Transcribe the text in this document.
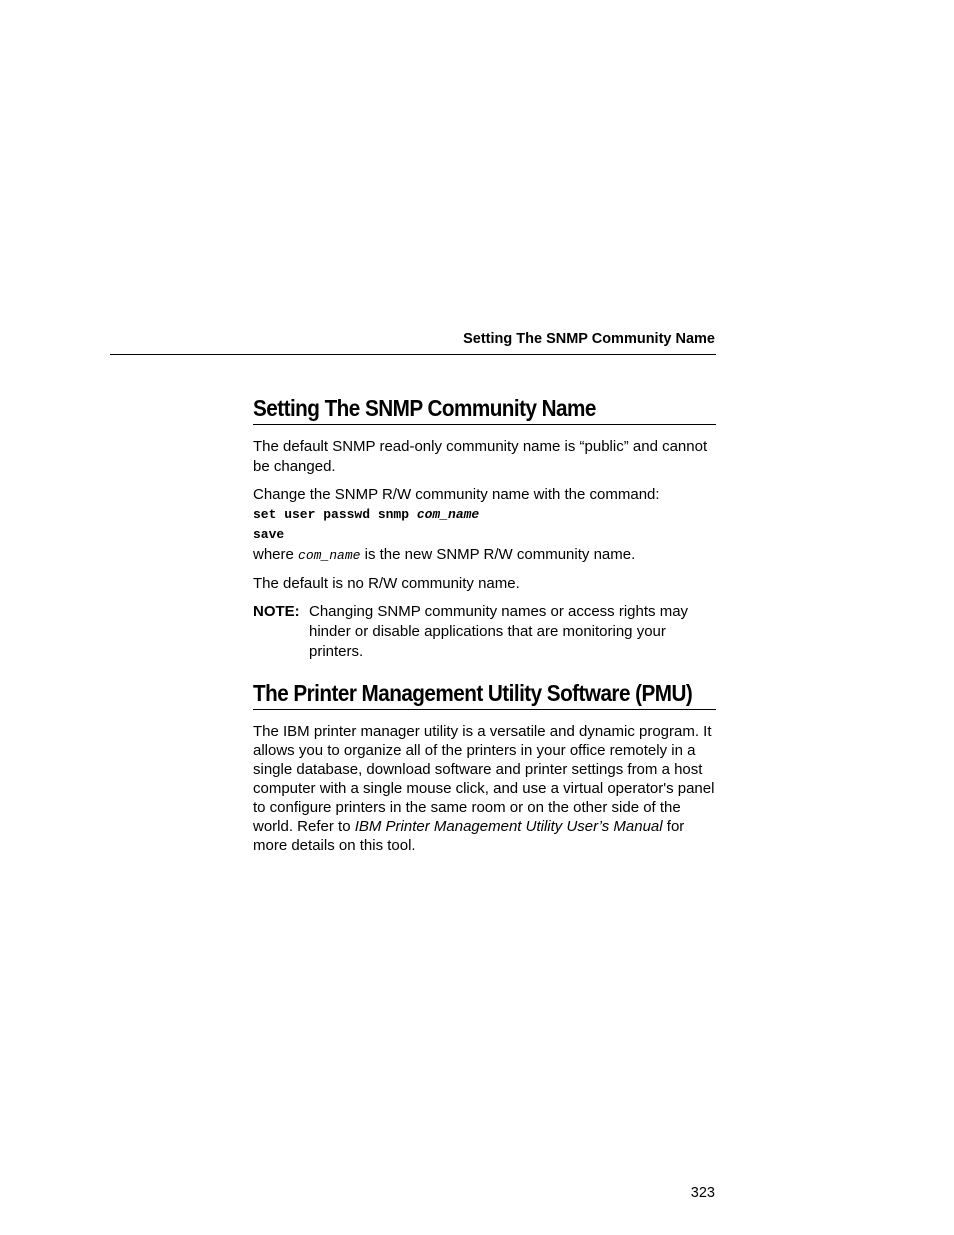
Setting The SNMP Community Name
Setting The SNMP Community Name

The default SNMP read-only community name is “public” and cannot be changed.

Change the SNMP R/W community name with the command:

set user passwd snmp com_name
save

where com_name is the new SNMP R/W community name.

The default is no R/W community name.

NOTE: Changing SNMP community names or access rights may hinder or disable applications that are monitoring your printers.
The Printer Management Utility Software (PMU)

The IBM printer manager utility is a versatile and dynamic program. It allows you to organize all of the printers in your office remotely in a single database, download software and printer settings from a host computer with a single mouse click, and use a virtual operator's panel to configure printers in the same room or on the other side of the world. Refer to IBM Printer Management Utility User’s Manual for more details on this tool.

323
